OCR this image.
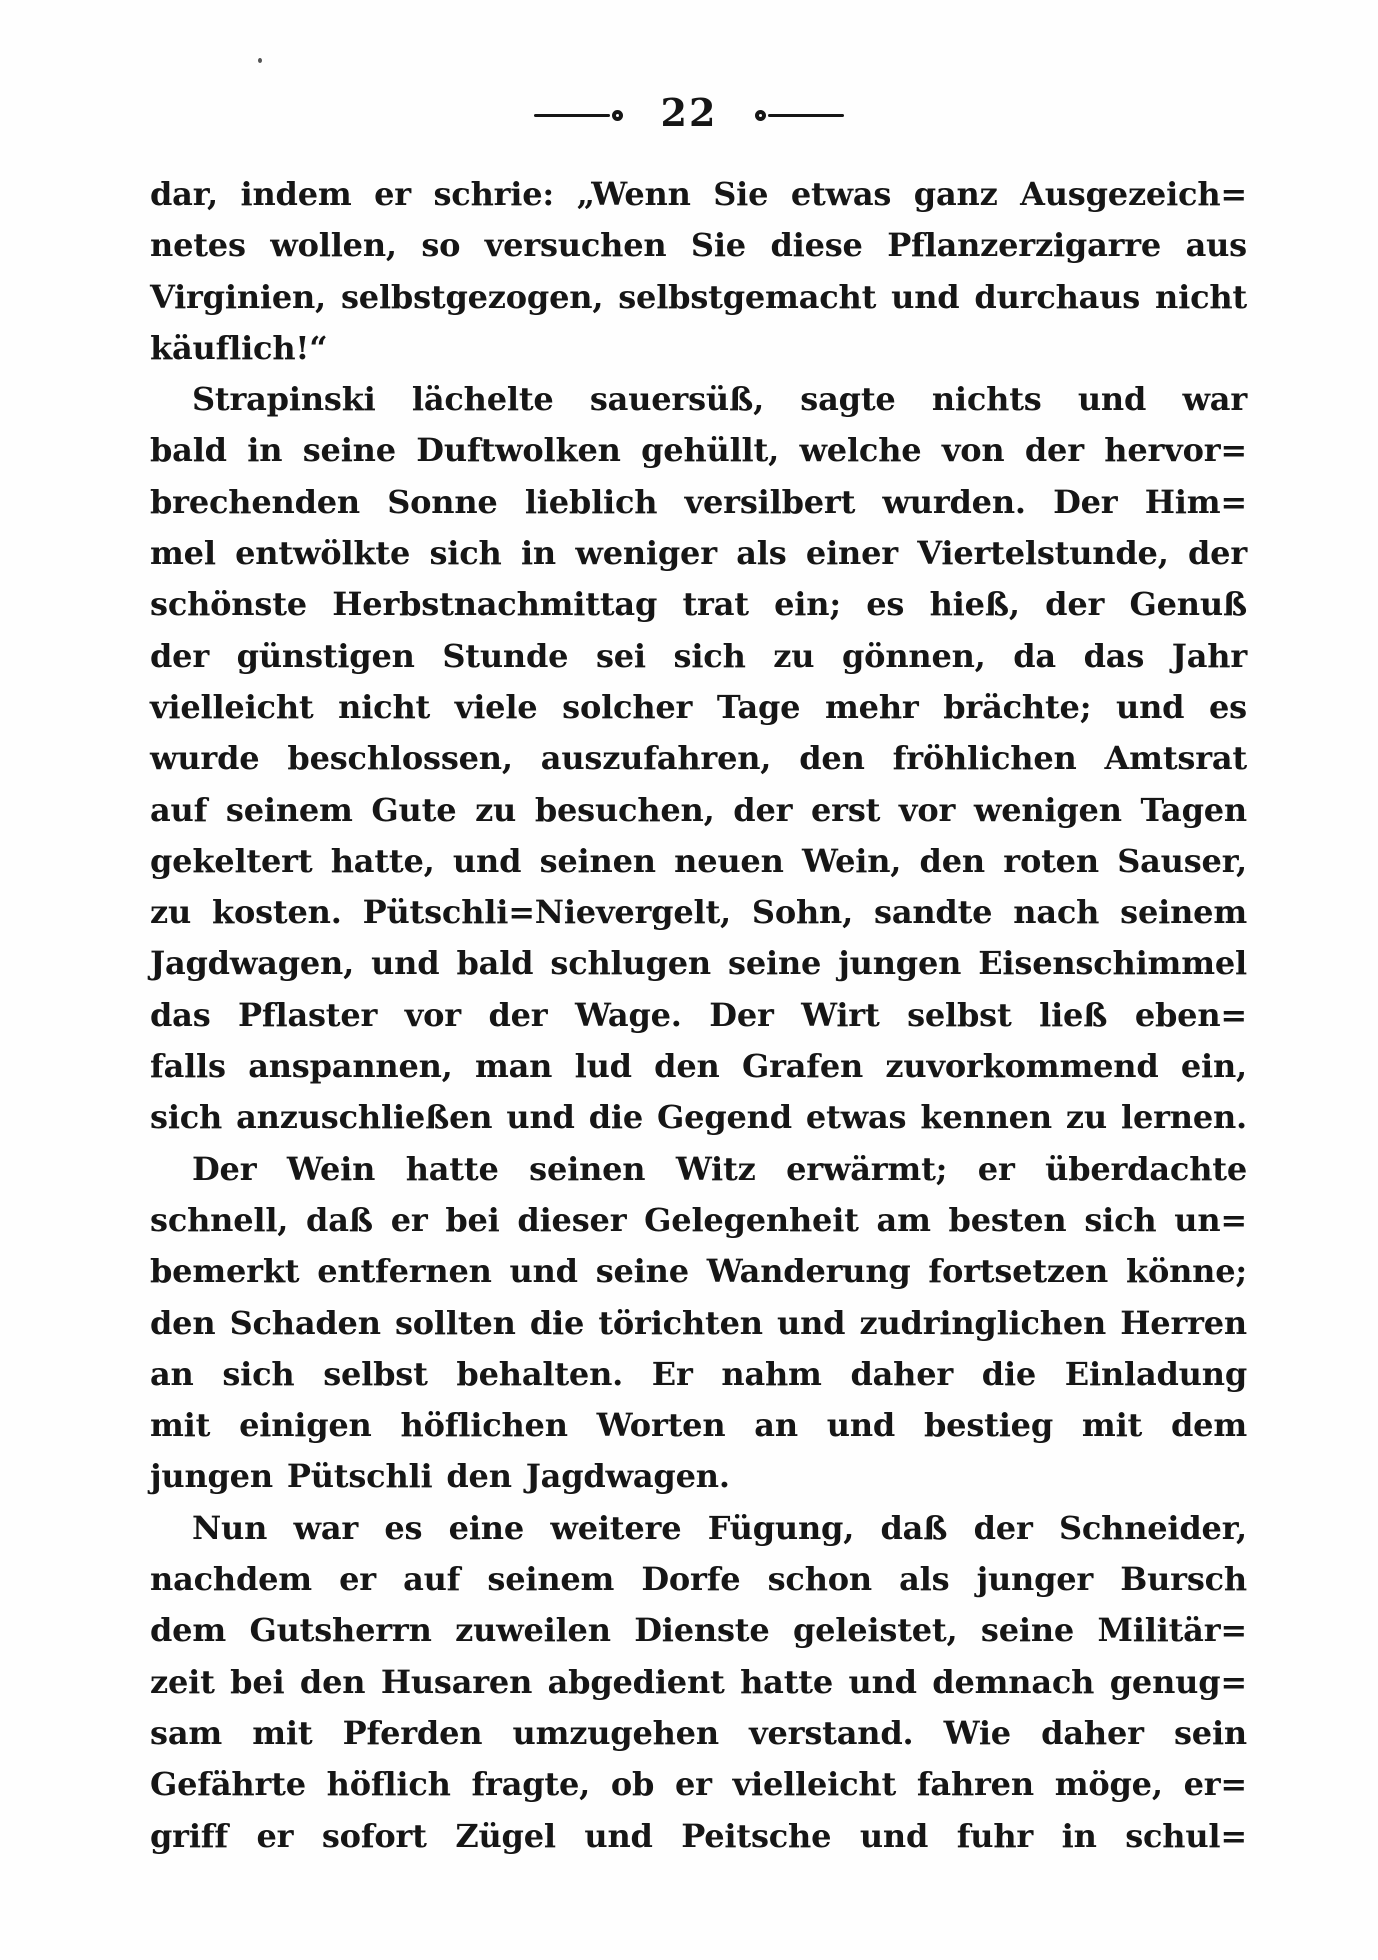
22
dar, indem er schrie: „Wenn Sie etwas ganz Ausgezeich=
netes wollen, so versuchen Sie diese Pflanzerzigarre aus
Virginien, selbstgezogen, selbstgemacht und durchaus nicht
käuflich!“
Strapinski lächelte sauersüß, sagte nichts und war
bald in seine Duftwolken gehüllt, welche von der hervor=
brechenden Sonne lieblich versilbert wurden. Der Him=
mel entwölkte sich in weniger als einer Viertelstunde, der
schönste Herbstnachmittag trat ein; es hieß, der Genuß
der günstigen Stunde sei sich zu gönnen, da das Jahr
vielleicht nicht viele solcher Tage mehr brächte; und es
wurde beschlossen, auszufahren, den fröhlichen Amtsrat
auf seinem Gute zu besuchen, der erst vor wenigen Tagen
gekeltert hatte, und seinen neuen Wein, den roten Sauser,
zu kosten. Pütschli=Nievergelt, Sohn, sandte nach seinem
Jagdwagen, und bald schlugen seine jungen Eisenschimmel
das Pflaster vor der Wage. Der Wirt selbst ließ eben=
falls anspannen, man lud den Grafen zuvorkommend ein,
sich anzuschließen und die Gegend etwas kennen zu lernen.
Der Wein hatte seinen Witz erwärmt; er überdachte
schnell, daß er bei dieser Gelegenheit am besten sich un=
bemerkt entfernen und seine Wanderung fortsetzen könne;
den Schaden sollten die törichten und zudringlichen Herren
an sich selbst behalten. Er nahm daher die Einladung
mit einigen höflichen Worten an und bestieg mit dem
jungen Pütschli den Jagdwagen.
Nun war es eine weitere Fügung, daß der Schneider,
nachdem er auf seinem Dorfe schon als junger Bursch
dem Gutsherrn zuweilen Dienste geleistet, seine Militär=
zeit bei den Husaren abgedient hatte und demnach genug=
sam mit Pferden umzugehen verstand. Wie daher sein
Gefährte höflich fragte, ob er vielleicht fahren möge, er=
griff er sofort Zügel und Peitsche und fuhr in schul=
